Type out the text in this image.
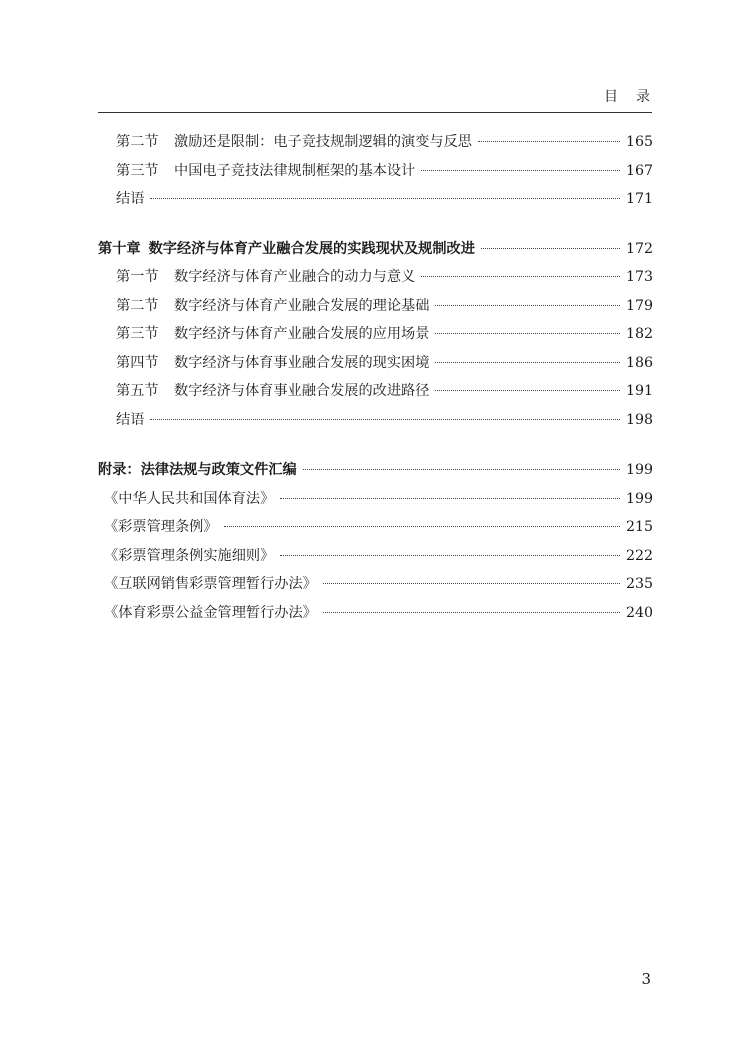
目录
第二节	激励还是限制：电子竞技规制逻辑的演变与反思	165
第三节	中国电子竞技法律规制框架的基本设计	167
结语	171
第十章 数字经济与体育产业融合发展的实践现状及规制改进	172
第一节	数字经济与体育产业融合的动力与意义	173
第二节	数字经济与体育产业融合发展的理论基础	179
第三节	数字经济与体育产业融合发展的应用场景	182
第四节	数字经济与体育事业融合发展的现实困境	186
第五节	数字经济与体育事业融合发展的改进路径	191
结语	198
附录：法律法规与政策文件汇编	199
《中华人民共和国体育法》	199
《彩票管理条例》	215
《彩票管理条例实施细则》	222
《互联网销售彩票管理暂行办法》	235
《体育彩票公益金管理暂行办法》	240
3
